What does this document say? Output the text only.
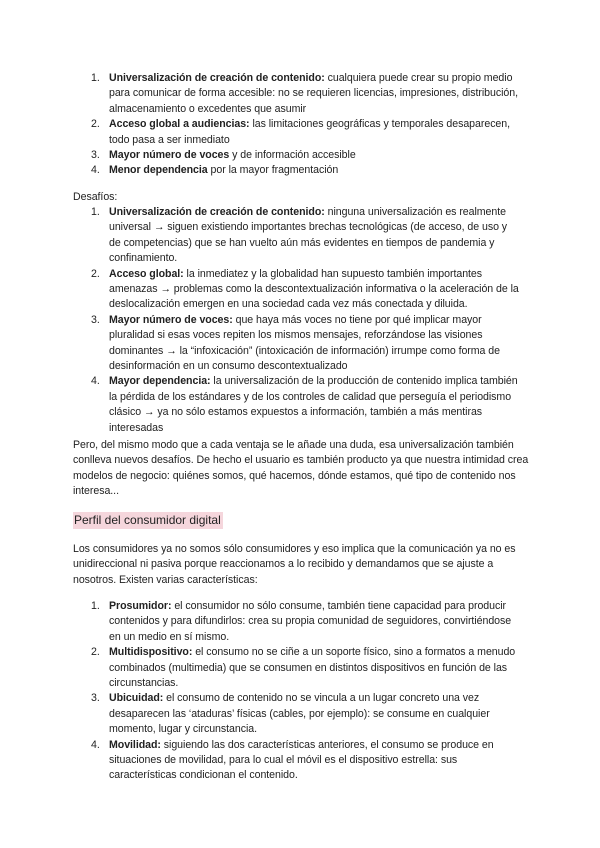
1. Universalización de creación de contenido: cualquiera puede crear su propio medio para comunicar de forma accesible: no se requieren licencias, impresiones, distribución, almacenamiento o excedentes que asumir
2. Acceso global a audiencias: las limitaciones geográficas y temporales desaparecen, todo pasa a ser inmediato
3. Mayor número de voces y de información accesible
4. Menor dependencia por la mayor fragmentación
Desafíos:
1. Universalización de creación de contenido: ninguna universalización es realmente universal → siguen existiendo importantes brechas tecnológicas (de acceso, de uso y de competencias) que se han vuelto aún más evidentes en tiempos de pandemia y confinamiento.
2. Acceso global: la inmediatez y la globalidad han supuesto también importantes amenazas → problemas como la descontextualización informativa o la aceleración de la deslocalización emergen en una sociedad cada vez más conectada y diluida.
3. Mayor número de voces: que haya más voces no tiene por qué implicar mayor pluralidad si esas voces repiten los mismos mensajes, reforzándose las visiones dominantes → la “infoxicación” (intoxicación de información) irrumpe como forma de desinformación en un consumo descontextualizado
4. Mayor dependencia: la universalización de la producción de contenido implica también la pérdida de los estándares y de los controles de calidad que perseguía el periodismo clásico → ya no sólo estamos expuestos a información, también a más mentiras interesadas

Pero, del mismo modo que a cada ventaja se le añade una duda, esa universalización también conlleva nuevos desafíos. De hecho el usuario es también producto ya que nuestra intimidad crea modelos de negocio: quiénes somos, qué hacemos, dónde estamos, qué tipo de contenido nos interesa...

Perfil del consumidor digital

Los consumidores ya no somos sólo consumidores y eso implica que la comunicación ya no es unidireccional ni pasiva porque reaccionamos a lo recibido y demandamos que se ajuste a nosotros. Existen varias características:

1. Prosumidor: el consumidor no sólo consume, también tiene capacidad para producir contenidos y para difundirlos: crea su propia comunidad de seguidores, convirtiéndose en un medio en sí mismo.
2. Multidispositivo: el consumo no se ciñe a un soporte físico, sino a formatos a menudo combinados (multimedia) que se consumen en distintos dispositivos en función de las circunstancias.
3. Ubicuidad: el consumo de contenido no se vincula a un lugar concreto una vez desaparecen las ‘ataduras’ físicas (cables, por ejemplo): se consume en cualquier momento, lugar y circunstancia.
4. Movilidad: siguiendo las dos características anteriores, el consumo se produce en situaciones de movilidad, para lo cual el móvil es el dispositivo estrella: sus características condicionan el contenido.
